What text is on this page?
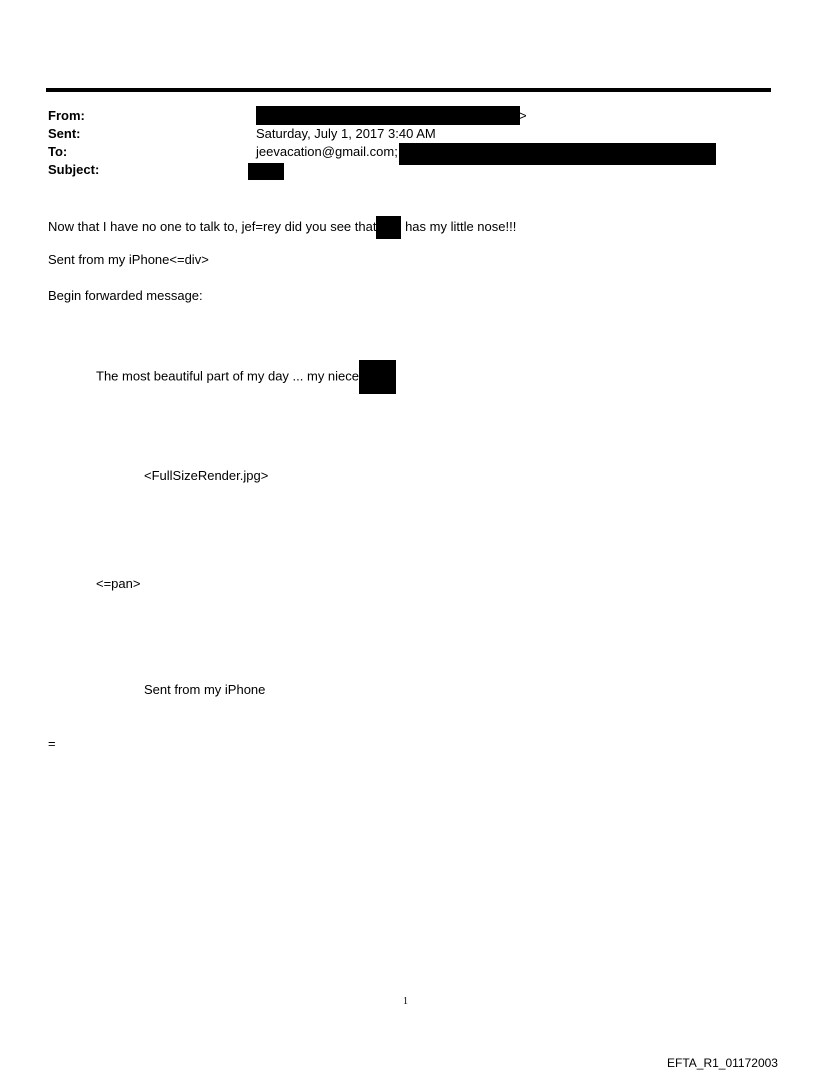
From:	>
Sent:	Saturday, July 1, 2017 3:40 AM
To:	jeevacation@gmail.com;
Subject:
Now that I have no one to talk to, jef=rey did you see that has my little nose!!!
Sent from my iPhone<=div>
Begin forwarded message:
The most beautiful part of my day ... my niece
<FullSizeRender.jpg>
<=pan>
Sent from my iPhone
=
1
EFTA_R1_01172003
